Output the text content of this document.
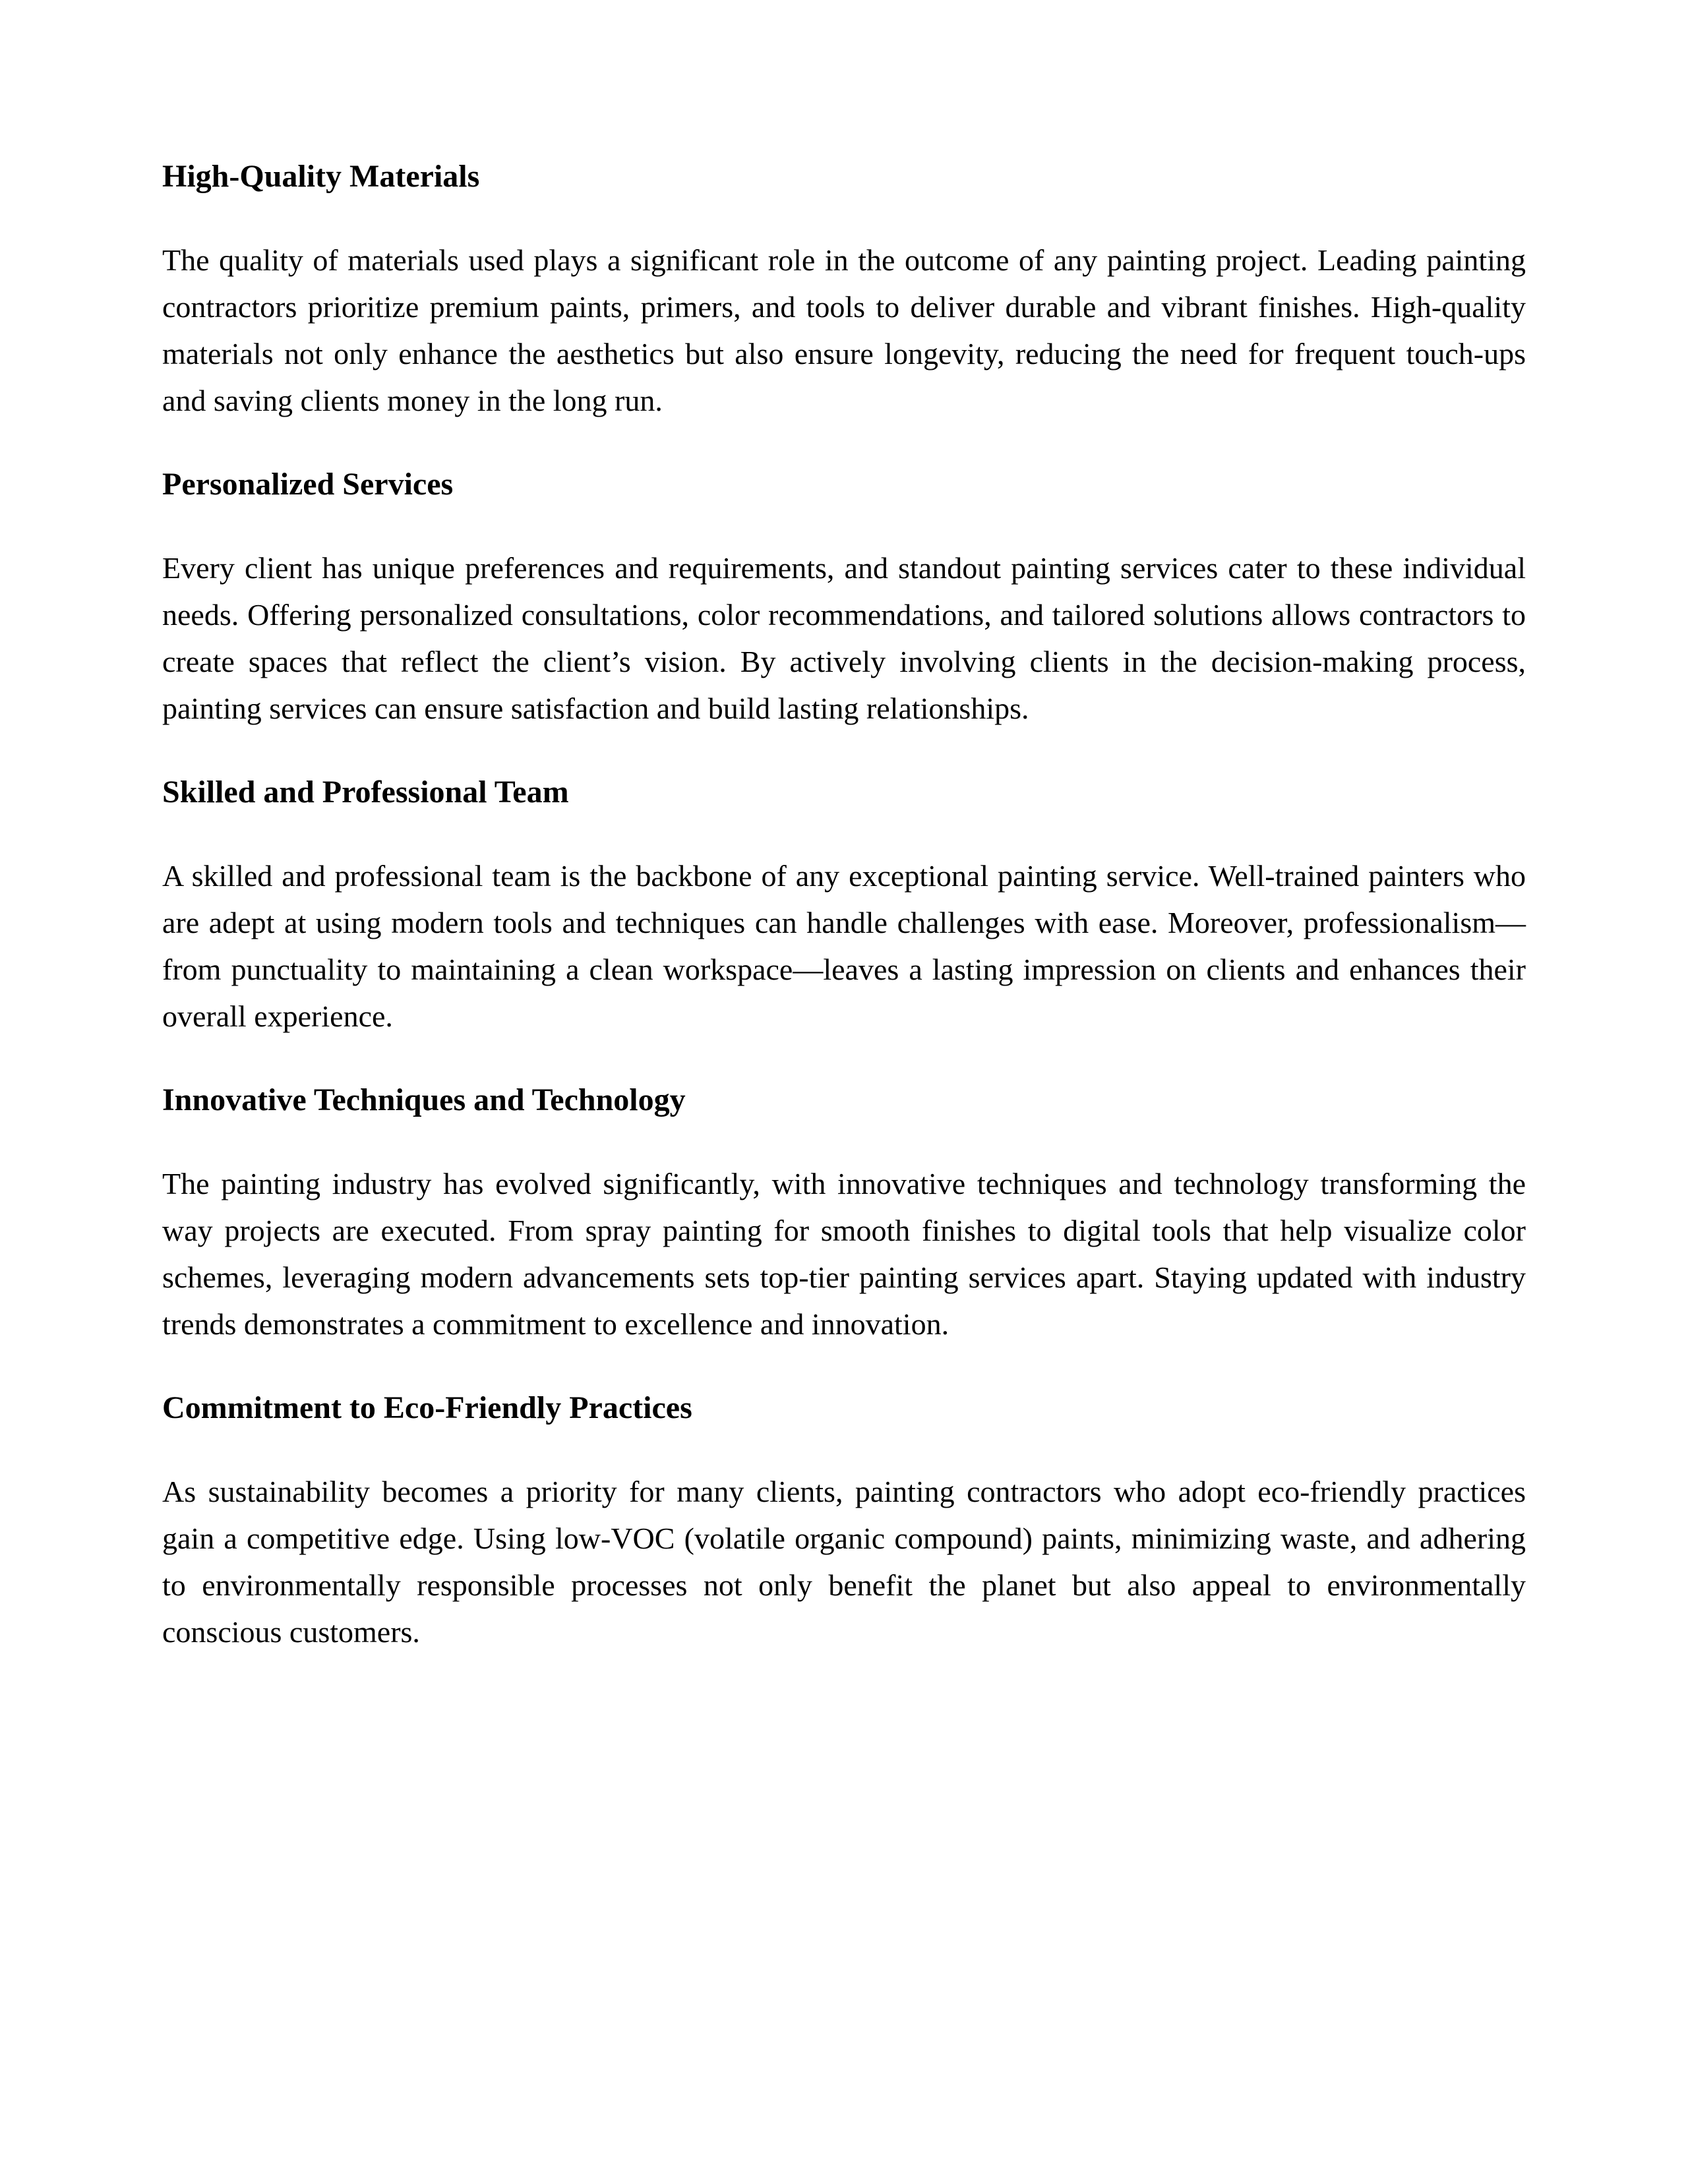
High-Quality Materials

The quality of materials used plays a significant role in the outcome of any painting project. Leading painting contractors prioritize premium paints, primers, and tools to deliver durable and vibrant finishes. High-quality materials not only enhance the aesthetics but also ensure longevity, reducing the need for frequent touch-ups and saving clients money in the long run.

Personalized Services

Every client has unique preferences and requirements, and standout painting services cater to these individual needs. Offering personalized consultations, color recommendations, and tailored solutions allows contractors to create spaces that reflect the client’s vision. By actively involving clients in the decision-making process, painting services can ensure satisfaction and build lasting relationships.

Skilled and Professional Team

A skilled and professional team is the backbone of any exceptional painting service. Well-trained painters who are adept at using modern tools and techniques can handle challenges with ease. Moreover, professionalism—from punctuality to maintaining a clean workspace—leaves a lasting impression on clients and enhances their overall experience.

Innovative Techniques and Technology

The painting industry has evolved significantly, with innovative techniques and technology transforming the way projects are executed. From spray painting for smooth finishes to digital tools that help visualize color schemes, leveraging modern advancements sets top-tier painting services apart. Staying updated with industry trends demonstrates a commitment to excellence and innovation.

Commitment to Eco-Friendly Practices

As sustainability becomes a priority for many clients, painting contractors who adopt eco-friendly practices gain a competitive edge. Using low-VOC (volatile organic compound) paints, minimizing waste, and adhering to environmentally responsible processes not only benefit the planet but also appeal to environmentally conscious customers.
